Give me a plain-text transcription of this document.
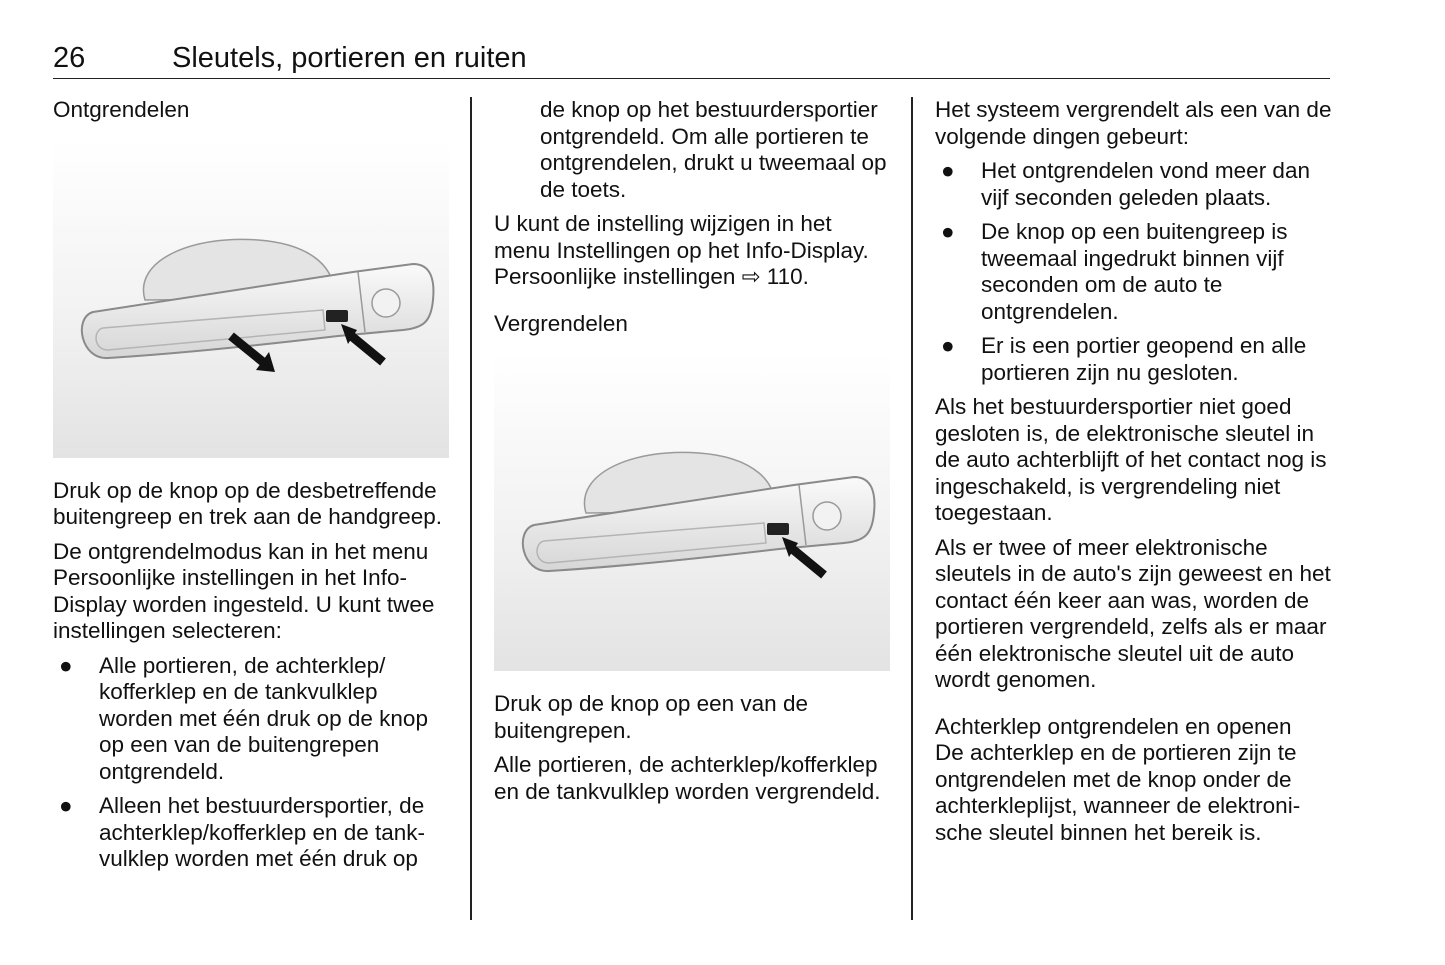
26	Sleutels, portieren en ruiten
Ontgrendelen

Druk op de knop op de desbetreffende buitengreep en trek aan de handgreep.

De ontgrendelmodus kan in het menu Persoonlijke instellingen in het Info-Display worden ingesteld. U kunt twee instellingen selecteren:

● Alle portieren, de achterklep/ kofferklep en de tankvulklep worden met één druk op de knop op een van de buitengrepen ontgrendeld.
● Alleen het bestuurdersportier, de achterklep/kofferklep en de tankvulklep worden met één druk op

de knop op het bestuurdersportier ontgrendeld. Om alle portieren te ontgrendelen, drukt u tweemaal op de toets.

U kunt de instelling wijzigen in het menu Instellingen op het Info-Display. Persoonlijke instellingen ⇨ 110.

Vergrendelen

Druk op de knop op een van de buitengrepen.

Alle portieren, de achterklep/kofferklep en de tankvulklep worden vergrendeld.

Het systeem vergrendelt als een van de volgende dingen gebeurt:

● Het ontgrendelen vond meer dan vijf seconden geleden plaats.
● De knop op een buitengreep is tweemaal ingedrukt binnen vijf seconden om de auto te ontgrendelen.
● Er is een portier geopend en alle portieren zijn nu gesloten.

Als het bestuurdersportier niet goed gesloten is, de elektronische sleutel in de auto achterblijft of het contact nog is ingeschakeld, is vergrendeling niet toegestaan.

Als er twee of meer elektronische sleutels in de auto's zijn geweest en het contact één keer aan was, worden de portieren vergrendeld, zelfs als er maar één elektronische sleutel uit de auto wordt genomen.

Achterklep ontgrendelen en openen

De achterklep en de portieren zijn te ontgrendelen met de knop onder de achterkleplijst, wanneer de elektronische sleutel binnen het bereik is.
